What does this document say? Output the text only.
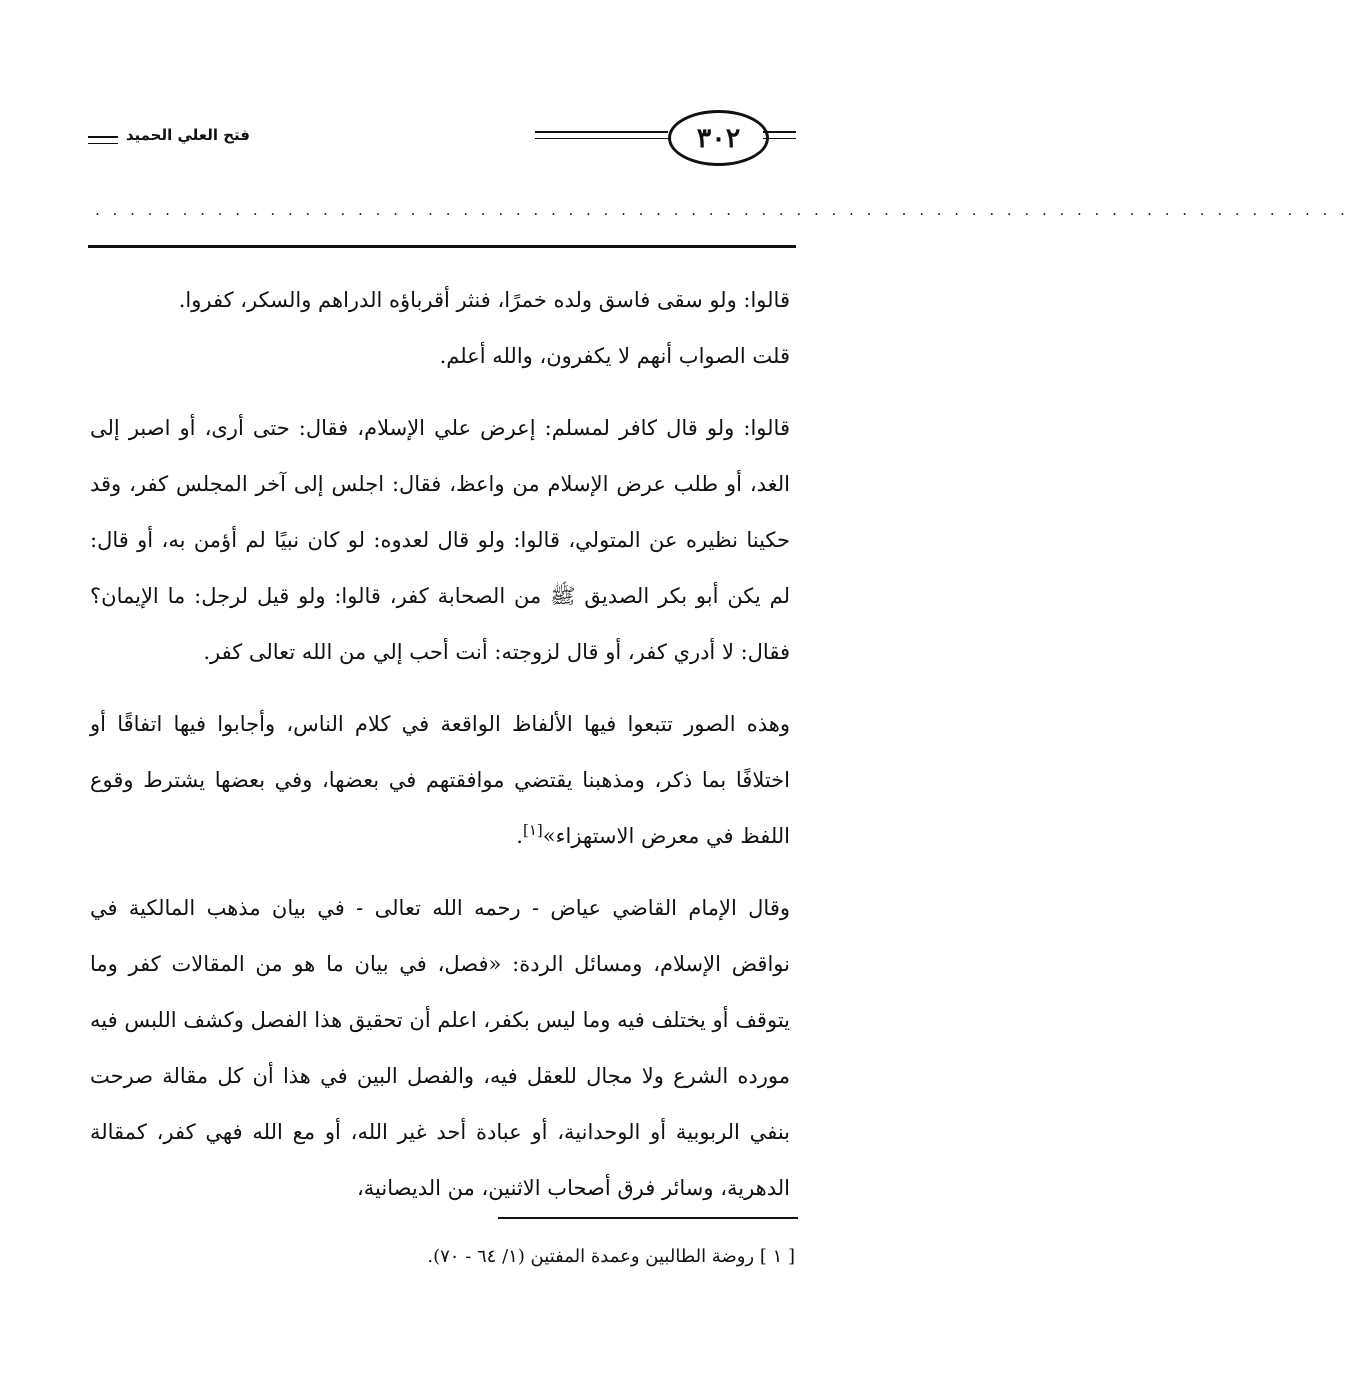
٣٠٢
فتح العلي الحميد
. . . . . . . . . . . . . . . . . . . . . . . . . . . . . . . . . . . . . . . . . . . . . . . . . . . . . . . . . . . . . . . . . . . . . . . .

قالوا: ولو سقى فاسق ولده خمرًا، فنثر أقرباؤه الدراهم والسكر، كفروا.

قلت الصواب أنهم لا يكفرون، والله أعلم.

قالوا: ولو قال كافر لمسلم: إعرض علي الإسلام، فقال: حتى أرى، أو اصبر إلى الغد، أو طلب عرض الإسلام من واعظ، فقال: اجلس إلى آخر المجلس كفر، وقد حكينا نظيره عن المتولي، قالوا: ولو قال لعدوه: لو كان نبيًا لم أؤمن به، أو قال: لم يكن أبو بكر الصديق ﷺ من الصحابة كفر، قالوا: ولو قيل لرجل: ما الإيمان؟ فقال: لا أدري كفر، أو قال لزوجته: أنت أحب إلي من الله تعالى كفر.

وهذه الصور تتبعوا فيها الألفاظ الواقعة في كلام الناس، وأجابوا فيها اتفاقًا أو اختلافًا بما ذكر، ومذهبنا يقتضي موافقتهم في بعضها، وفي بعضها يشترط وقوع اللفظ في معرض الاستهزاء»[١].

وقال الإمام القاضي عياض - رحمه الله تعالى - في بيان مذهب المالكية في نواقض الإسلام، ومسائل الردة: «فصل، في بيان ما هو من المقالات كفر وما يتوقف أو يختلف فيه وما ليس بكفر، اعلم أن تحقيق هذا الفصل وكشف اللبس فيه مورده الشرع ولا مجال للعقل فيه، والفصل البين في هذا أن كل مقالة صرحت بنفي الربوبية أو الوحدانية، أو عبادة أحد غير الله، أو مع الله فهي كفر، كمقالة الدهرية، وسائر فرق أصحاب الاثنين، من الديصانية،

[ ١ ] روضة الطالبين وعمدة المفتين (١/ ٦٤ - ٧٠).
